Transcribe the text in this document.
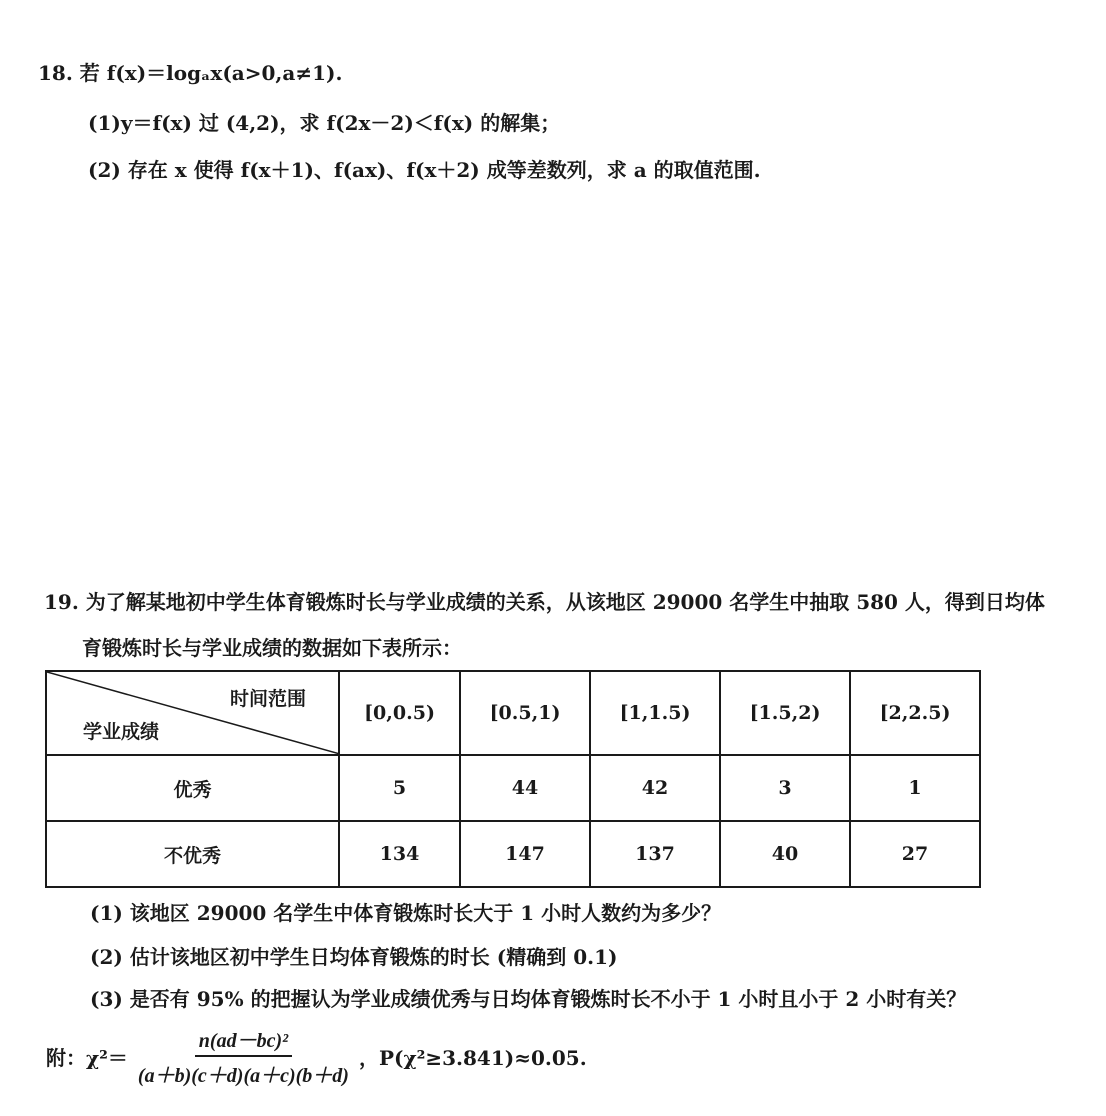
18. 若 f(x)＝logₐx(a>0,a≠1).
(1)y＝f(x) 过 (4,2)，求 f(2x－2)＜f(x) 的解集；
(2) 存在 x 使得 f(x＋1)、f(ax)、f(x＋2) 成等差数列，求 a 的取值范围.
19. 为了解某地初中学生体育锻炼时长与学业成绩的关系，从该地区 29000 名学生中抽取 580 人，得到日均体
育锻炼时长与学业成绩的数据如下表所示：
时间范围
学业成绩	[0,0.5)	[0.5,1)	[1,1.5)	[1.5,2)	[2,2.5)
优秀	5	44	42	3	1
不优秀	134	147	137	40	27
(1) 该地区 29000 名学生中体育锻炼时长大于 1 小时人数约为多少？
(2) 估计该地区初中学生日均体育锻炼的时长 (精确到 0.1)
(3) 是否有 95% 的把握认为学业成绩优秀与日均体育锻炼时长不小于 1 小时且小于 2 小时有关？
附：$\chi^2= \frac{\text{n(ad－bc)²}}{(a+b)(c+d)(a+c)(b+d)}$ ，P(χ²≥3.841)≈0.05.
